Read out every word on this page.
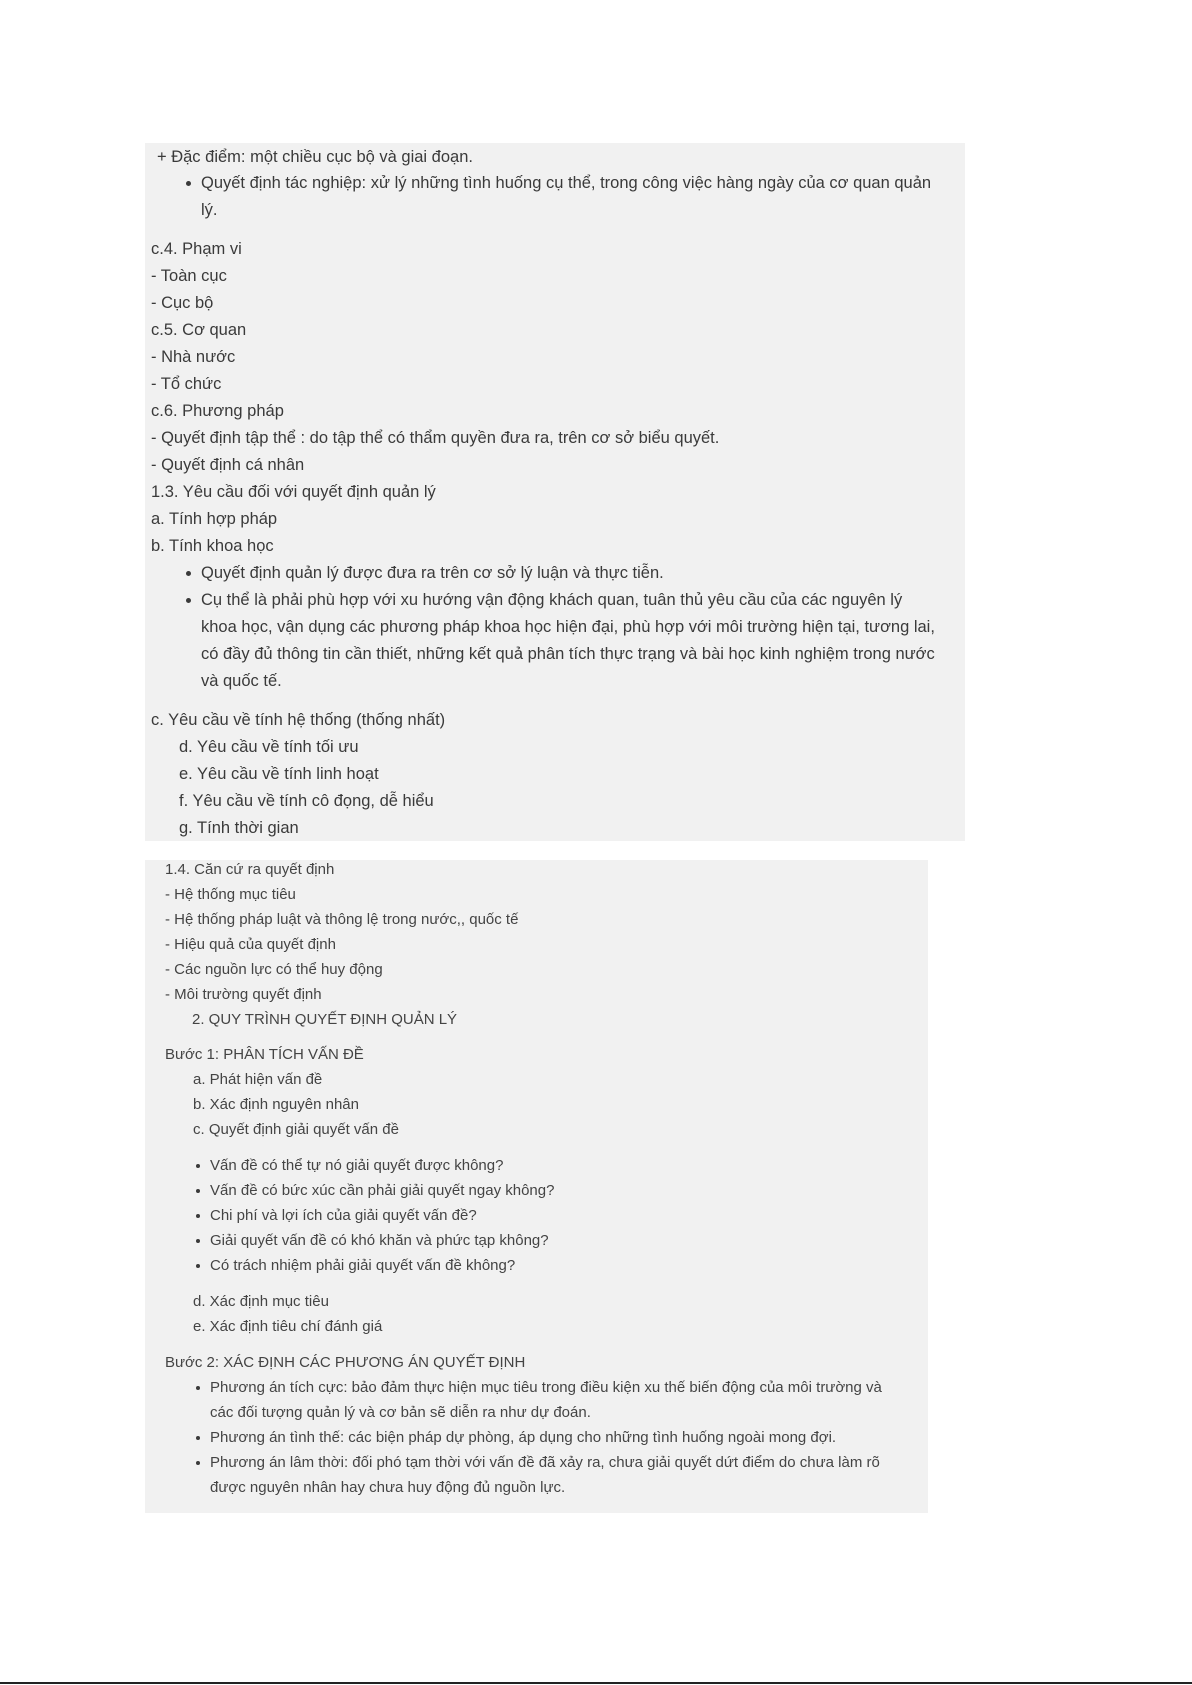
+ Đặc điểm: một chiều cục bộ và giai đoạn.
Quyết định tác nghiệp: xử lý những tình huống cụ thể, trong công việc hàng ngày của cơ quan quản
lý.
c.4. Phạm vi
- Toàn cục
- Cục bộ
c.5. Cơ quan
- Nhà nước
- Tổ chức
c.6. Phương pháp
- Quyết định tập thể : do tập thể có thẩm quyền đưa ra, trên cơ sở biểu quyết.
- Quyết định cá nhân
1.3. Yêu cầu đối với quyết định quản lý
a. Tính hợp pháp
b. Tính khoa học
Quyết định quản lý được đưa ra trên cơ sở lý luận và thực tiễn.
Cụ thể là phải phù hợp với xu hướng vận động khách quan, tuân thủ yêu cầu của các nguyên lý
khoa học, vận dụng các phương pháp khoa học hiện đại, phù hợp với môi trường hiện tại, tương lai,
có đầy đủ thông tin cần thiết, những kết quả phân tích thực trạng và bài học kinh nghiệm trong nước
và quốc tế.
c. Yêu cầu về tính hệ thống (thống nhất)
d. Yêu cầu về tính tối ưu
e. Yêu cầu về tính linh hoạt
f. Yêu cầu về tính cô đọng, dễ hiểu
g. Tính thời gian
1.4. Căn cứ ra quyết định
- Hệ thống mục tiêu
- Hệ thống pháp luật và thông lệ trong nước,, quốc tế
- Hiệu quả của quyết định
- Các nguồn lực có thể huy động
- Môi trường quyết định
2. QUY TRÌNH QUYẾT ĐỊNH QUẢN LÝ
Bước 1: PHÂN TÍCH VẤN ĐỀ
a. Phát hiện vấn đề
b. Xác định nguyên nhân
c. Quyết định giải quyết vấn đề
Vấn đề có thể tự nó giải quyết được không?
Vấn đề có bức xúc cần phải giải quyết ngay không?
Chi phí và lợi ích của giải quyết vấn đề?
Giải quyết vấn đề có khó khăn và phức tạp không?
Có trách nhiệm phải giải quyết vấn đề không?
d. Xác định mục tiêu
e. Xác định tiêu chí đánh giá
Bước 2: XÁC ĐỊNH CÁC PHƯƠNG ÁN QUYẾT ĐỊNH
Phương án tích cực: bảo đảm thực hiện mục tiêu trong điều kiện xu thế biến động của môi trường và
các đối tượng quản lý và cơ bản sẽ diễn ra như dự đoán.
Phương án tình thế: các biện pháp dự phòng, áp dụng cho những tình huống ngoài mong đợi.
Phương án lâm thời: đối phó tạm thời với vấn đề đã xảy ra, chưa giải quyết dứt điểm do chưa làm rõ
được nguyên nhân hay chưa huy động đủ nguồn lực.
